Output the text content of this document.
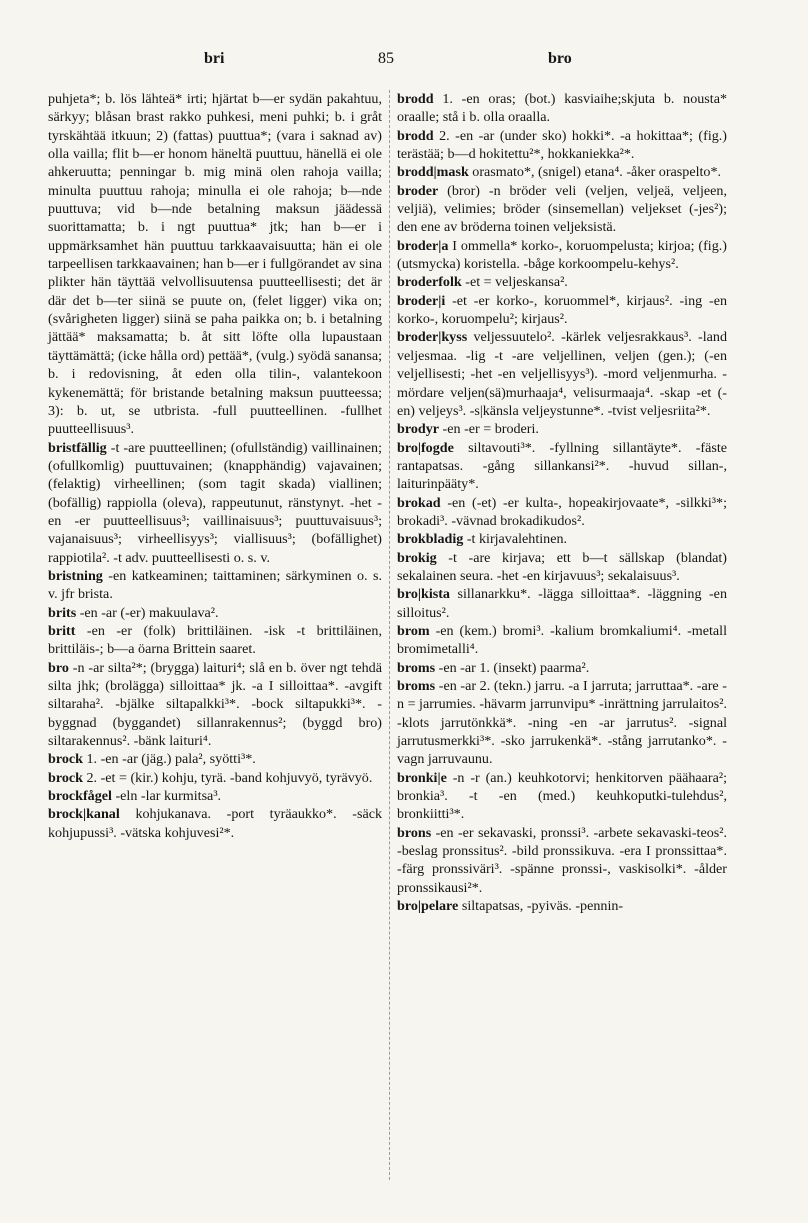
bri	85	bro

puhjeta*; b. lös lähteä* irti; hjärtat b—er sydän pakahtuu, särkyy; blåsan brast rakko puhkesi, meni puhki; b. i gråt tyrskähtää itkuun; 2) (fattas) puuttua*; (vara i saknad av) olla vailla; flit b—er honom häneltä puuttuu, hänellä ei ole ahkeruutta; penningar b. mig minä olen rahoja vailla; minulta puuttuu rahoja; minulla ei ole rahoja; b—nde puuttuva; vid b—nde betalning maksun jäädessä suorittamatta; b. i ngt puuttua* jtk; han b—er i uppmärksamhet hän puuttuu tarkkaavaisuutta; hän ei ole tarpeellisen tarkkaavainen; han b—er i fullgörandet av sina plikter hän täyttää velvollisuutensa puutteellisesti; det är där det b—ter siinä se puute on, (felet ligger) vika on; (svårigheten ligger) siinä se paha paikka on; b. i betalning jättää* maksamatta; b. åt sitt löfte olla lupaustaan täyttämättä; (icke hålla ord) pettää*, (vulg.) syödä sanansa; b. i redovisning, åt eden olla tilin-, valantekoon kykenemättä; för bristande betalning maksun puutteessa; 3): b. ut, se utbrista. -full puutteellinen. -fullhet puutteellisuus³.

bristfällig -t -are puutteellinen; (ofullständig) vaillinainen; (ofullkomlig) puuttuvainen; (knapphändig) vajavainen; (felaktig) virheellinen; (som tagit skada) viallinen; (bofällig) rappiolla (oleva), rappeutunut, ränstynyt. -het -en -er puutteellisuus³; vaillinaisuus³; puuttuvaisuus³; vajanaisuus³; virheellisyys³; viallisuus³; (bofällighet) rappiotila². -t adv. puutteellisesti o. s. v.

bristning -en katkeaminen; taittaminen; särkyminen o. s. v. jfr brista.

brits -en -ar (-er) makuulava².

britt -en -er (folk) brittiläinen. -isk -t brittiläinen, brittiläis-; b—a öarna Brittein saaret.

bro -n -ar silta²*; (brygga) laituri⁴; slå en b. över ngt tehdä silta jhk; (brolägga) silloittaa* jk. -a I silloittaa*. -avgift siltaraha². -bjälke siltapalkki³*. -bock siltapukki³*. -byggnad (byggandet) sillanrakennus²; (byggd bro) siltarakennus². -bänk laituri⁴.

brock 1. -en -ar (jäg.) pala², syötti³*.

brock 2. -et = (kir.) kohju, tyrä. -band kohjuvyö, tyrävyö.

brockfågel -eln -lar kurmitsa³.

brock|kanal kohjukanava. -port tyräaukko*. -säck kohjupussi³. -vätska kohjuvesi²*.

brodd 1. -en oras; (bot.) kasviaihe;skjuta b. nousta* oraalle; stå i b. olla oraalla.

brodd 2. -en -ar (under sko) hokki*. -a hokittaa*; (fig.) terästää; b—d hokitettu²*, hokkaniekka²*.

brodd|mask orasmato*, (snigel) etana⁴. -åker oraspelto*.

broder (bror) -n bröder veli (veljen, veljeä, veljeen, veljiä), velimies; bröder (sinsemellan) veljekset (-jes²); den ene av bröderna toinen veljeksistä.

broder|a I ommella* korko-, koruompelusta; kirjoa; (fig.) (utsmycka) koristella. -båge korkoompelu-kehys².

broderfolk -et = veljeskansa².

broder|i -et -er korko-, koruommel*, kirjaus². -ing -en korko-, koruompelu²; kirjaus².

broder|kyss veljessuutelo². -kärlek veljesrakkaus³. -land veljesmaa. -lig -t -are veljellinen, veljen (gen.); (-en veljellisesti; -het -en veljellisyys³). -mord veljenmurha. -mördare veljen(sä)murhaaja⁴, velisurmaaja⁴. -skap -et (-en) veljeys³. -s|känsla veljeystunne*. -tvist veljesriita²*.

brodyr -en -er = broderi.

bro|fogde siltavouti³*. -fyllning sillantäyte*. -fäste rantapatsas. -gång sillankansi²*. -huvud sillan-, laiturinpääty*.

brokad -en (-et) -er kulta-, hopeakirjovaate*, -silkki³*; brokadi³. -vävnad brokadikudos².

brokbladig -t kirjavalehtinen.

brokig -t -are kirjava; ett b—t sällskap (blandat) sekalainen seura. -het -en kirjavuus³; sekalaisuus³.

bro|kista sillanarkku*. -lägga silloittaa*. -läggning -en silloitus².

brom -en (kem.) bromi³. -kalium bromkaliumi⁴. -metall bromimetalli⁴.

broms -en -ar 1. (insekt) paarma².

broms -en -ar 2. (tekn.) jarru. -a I jarruta; jarruttaa*. -are -n = jarrumies. -hävarm jarrunvipu* -inrättning jarrulaitos². -klots jarrutönkkä*. -ning -en -ar jarrutus². -signal jarrutusmerkki³*. -sko jarrukenkä*. -stång jarrutanko*. -vagn jarruvaunu.

bronki|e -n -r (an.) keuhkotorvi; henkitorven päähaara²; bronkia³. -t -en (med.) keuhkoputki-tulehdus², bronkiitti³*.

brons -en -er sekavaski, pronssi³. -arbete sekavaski-teos². -beslag pronssitus². -bild pronssikuva. -era I pronssittaa*. -färg pronssiväri³. -spänne pronssi-, vaskisolki*. -ålder pronssikausi²*.

bro|pelare siltapatsas, -pyiväs. -pennin-
